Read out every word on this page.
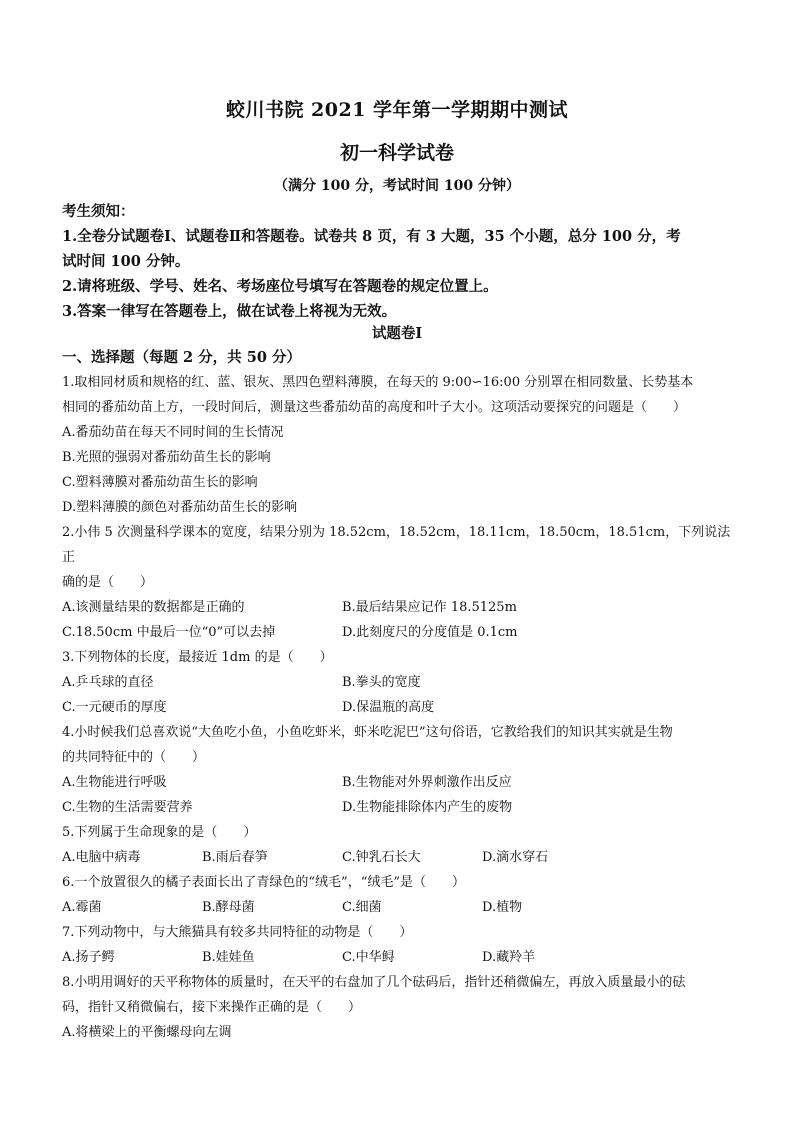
蛟川书院 2021 学年第一学期期中测试
初一科学试卷
（满分 100 分，考试时间 100 分钟）
考生须知：
1.全卷分试题卷Ⅰ、试题卷Ⅱ和答题卷。试卷共 8 页，有 3 大题，35 个小题，总分 100 分，考
试时间 100 分钟。
2.请将班级、学号、姓名、考场座位号填写在答题卷的规定位置上。
3.答案一律写在答题卷上，做在试卷上将视为无效。
试题卷Ⅰ
一、选择题（每题 2 分，共 50 分）
1.取相同材质和规格的红、蓝、银灰、黑四色塑料薄膜，在每天的 9:00∽16:00 分别罩在相同数量、长势基本
相同的番茄幼苗上方，一段时间后，测量这些番茄幼苗的高度和叶子大小。这项活动要探究的问题是（　　）
A.番茄幼苗在每天不同时间的生长情况
B.光照的强弱对番茄幼苗生长的影响
C.塑料薄膜对番茄幼苗生长的影响
D.塑料薄膜的颜色对番茄幼苗生长的影响
2.小伟 5 次测量科学课本的宽度，结果分别为 18.52cm，18.52cm，18.11cm，18.50cm，18.51cm，下列说法正
确的是（　　）
A.该测量结果的数据都是正确的	B.最后结果应记作 18.5125m
C.18.50cm 中最后一位“0”可以去掉	D.此刻度尺的分度值是 0.1cm
3.下列物体的长度，最接近 1dm 的是（　　）
A.乒乓球的直径	B.拳头的宽度
C.一元硬币的厚度	D.保温瓶的高度
4.小时候我们总喜欢说“大鱼吃小鱼，小鱼吃虾米，虾米吃泥巴”这句俗语，它教给我们的知识其实就是生物
的共同特征中的（　　）
A.生物能进行呼吸	B.生物能对外界刺激作出反应
C.生物的生活需要营养	D.生物能排除体内产生的废物
5.下列属于生命现象的是（　　）
A.电脑中病毒	B.雨后春笋	C.钟乳石长大	D.滴水穿石
6.一个放置很久的橘子表面长出了青绿色的“绒毛”，“绒毛”是（　　）
A.霉菌	B.酵母菌	C.细菌	D.植物
7.下列动物中，与大熊猫具有较多共同特征的动物是（　　）
A.扬子鳄	B.娃娃鱼	C.中华鲟	D.藏羚羊
8.小明用调好的天平称物体的质量时，在天平的右盘加了几个砝码后，指针还稍微偏左，再放入质量最小的砝
码，指针又稍微偏右，接下来操作正确的是（　　）
A.将横梁上的平衡螺母向左调
